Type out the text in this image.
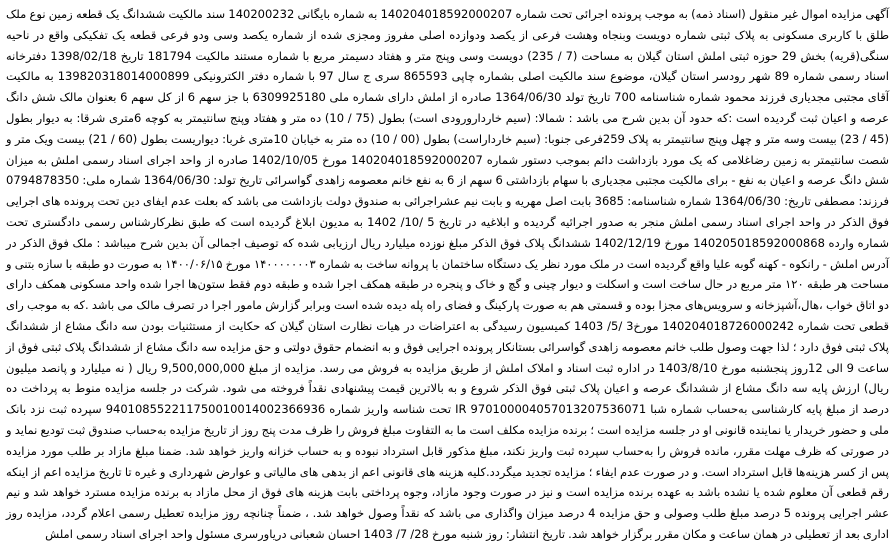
آگهی مزایده اموال غیر منقول (اسناد ذمه) به موجب پرونده اجرائی تحت شماره 140204018592000207 به شماره بایگانی 140200232 سند مالکیت ششدانگ یک قطعه زمین نوع ملک طلق با کاربری مسکونی به پلاک ثبتی شماره دویست وبنجاه وهشت فرعی از یکصد ودوازده اصلی مفروز ومجزی شده از شماره یکصد وسی ودو فرعی قطعه یک تفکیکی واقع در ناحیه سنگی(قریه) بخش 29 حوزه ثبتی املش استان گیلان به مساحت (7 / 235) دویست وسی وپنج متر و هفتاد دسیمتر مربع با شماره مستند مالکیت 181794 تاریخ 1398/02/18 دفترخانه اسناد رسمی شماره 89 شهر رودسر استان گیلان، موضوع سند مالکیت اصلی بشماره چاپی 865593 سری ج سال 97 با شماره دفتر الکترونیکی 139820318014000899 به مالکیت آقای مجتبی مجدیاری فرزند محمود شماره شناسنامه 700 تاریخ تولد 1364/06/30 صادره از املش دارای شماره ملی 6309925180 با جز سهم 6 از کل سهم 6 بعنوان مالک شش دانگ عرصه و اعیان ثبت گردیده است :که حدود آن بدین شرح می باشد : شمالا: (سیم خاردارورودی است) بطول (75 / 10) ده متر و هفتاد وپنج سانتیمتر به کوچه 6متری شرقا: به دیوار بطول (45 / 23) بیست وسه متر و چهل وپنج سانتیمتر به پلاک 259فرعی جنوبا: (سیم خارداراست) بطول (00 / 10) ده متر به خیابان 10متری غربا: دیواریست بطول (60 / 21) بیست ویک متر و شصت سانتیمتر به زمین رضاغلامی که یک مورد بازداشت دائم بموجب دستور شماره 140204018592000207 مورخ 1402/10/05 صادره از واحد اجرای اسناد رسمی املش به میزان شش دانگ عرصه و اعیان به نفع - برای مالکیت مجتبی مجدیاری با سهام بازداشتی 6 سهم از 6 به نفع خانم معصومه زاهدی گواسرائی تاریخ تولد: 1364/06/30 شماره ملی: 0794878350 فرزند: مصطفی تاریخ: 1364/06/30 شماره شناسنامه: 3685 بابت اصل مهریه و بابت نیم عشراجرائی به صندوق دولت بازداشت می باشد که بعلت عدم ایفای دین تحت پرونده های اجرایی فوق الذکر در واحد اجرای اسناد رسمی املش منجر به صدور اجرائیه گردیده و ابلاغیه در تاریخ 5 /10/ 1402 به مدیون ابلاغ گردیده است که طبق نظرکارشناس رسمی دادگستری تحت شماره وارده 140205018592000868 مورخ 1402/12/19 ششدانگ پلاک فوق الذکر مبلغ نوزده میلیارد ریال ارزیابی شده که توصیف اجمالی آن بدین شرح میباشد : ملک فوق الذکر در آدرس املش - رانکوه - کهنه گوبه علیا واقع گردیده است در ملک مورد نظر یک دستگاه ساختمان با پروانه ساخت به شماره ۱۴۰۰۰۰۰۰۰۳ مورخ ۱۴۰۰/۰۶/۱۵ به صورت دو طبقه با سازه بتنی و مساحت هر طبقه ۱۲۰ متر مربع در حال ساخت است و اسکلت و دیوار چینی و گچ و خاک و پنجره در طبقه همکف اجرا شده و طبقه دوم فقط ستون‌ها اجرا شده واحد مسکونی همکف دارای دو اتاق خواب ،هال،آشپزخانه و سرویس‌های مجزا بوده و قسمتی هم به صورت پارکینگ و فضای راه پله دیده شده است وبرابر گزارش مامور اجرا در تصرف مالک می باشد .که به موجب رای قطعی تحت شماره 140204018726000242 مورخ3 /5/ 1403 کمیسیون رسیدگی به اعتراضات در هیات نظارت استان گیلان که حکایت از مستثنیات بودن سه دانگ مشاع از ششدانگ پلاک ثبتی فوق دارد ؛ لذا جهت وصول طلب خانم معصومه زاهدی گواسرائی بستانکار پرونده اجرایی فوق و به انضمام حقوق دولتی و حق مزایده سه دانگ مشاع از ششدانگ پلاک ثبتی فوق از ساعت 9 الی 12روز پنجشنبه مورخ 1403/8/10 در اداره ثبت اسناد و املاک املش از طریق مزایده به فروش می رسد. مزایده از مبلغ 9,500,000,000 ریال ( نه میلیارد و پانصد میلیون ریال) ارزش پایه سه دانگ مشاع از ششدانگ عرصه و اعیان پلاک ثبتی فوق الذکر شروع و به بالاترین قیمت پیشنهادی نقداً فروخته می شود. شرکت در جلسه مزایده منوط به پرداخت ده درصد از مبلغ پایه کارشناسی به‌حساب شماره شبا IR 970100004057013207536071 تحت شناسه واریز شماره 940108552211750010014002366936 سپرده ثبت نزد بانک ملی و حضور خریدار یا نماینده قانونی او در جلسه مزایده است ؛ برنده مزایده مکلف است ما به التفاوت مبلغ فروش را ظرف مدت پنج روز از تاریخ مزایده به‌حساب صندوق ثبت تودیع نماید و در صورتی که ظرف مهلت مقرر، مانده فروش را به‌حساب سپرده ثبت واریز نکند، مبلغ مذکور قابل استرداد نبوده و به حساب خزانه واریز خواهد شد. ضمنا مبلغ مازاد بر طلب مورد مزایده پس از کسر هزینه‌ها قابل استرداد است. و در صورت عدم ایفاء ؛ مزایده تجدید میگردد.کلیه هزینه های قانونی اعم از بدهی های مالیاتی و عوارض شهرداری و غیره تا تاریخ مزایده اعم از اینکه رقم قطعی آن معلوم شده یا نشده باشد به عهده برنده مزایده است و نیز در صورت وجود مازاد، وجوه پرداختی بابت هزینه های فوق از محل مازاد به برنده مزایده مسترد خواهد شد و نیم عشر اجرایی پرونده 5 درصد مبلغ طلب وصولی و حق مزایده 4 درصد میزان واگذاری می باشد که نقداً وصول خواهد شد. ، ضمناً چنانچه روز مزایده تعطیل رسمی اعلام گردد، مزایده روز اداری بعد از تعطیلی در همان ساعت و مکان مقرر برگزار خواهد شد. تاریخ انتشار: روز شنبه مورخ 28/ 7/ 1403 احسان شعبانی دریاورسری مسئول واحد اجرای اسناد رسمی املش
